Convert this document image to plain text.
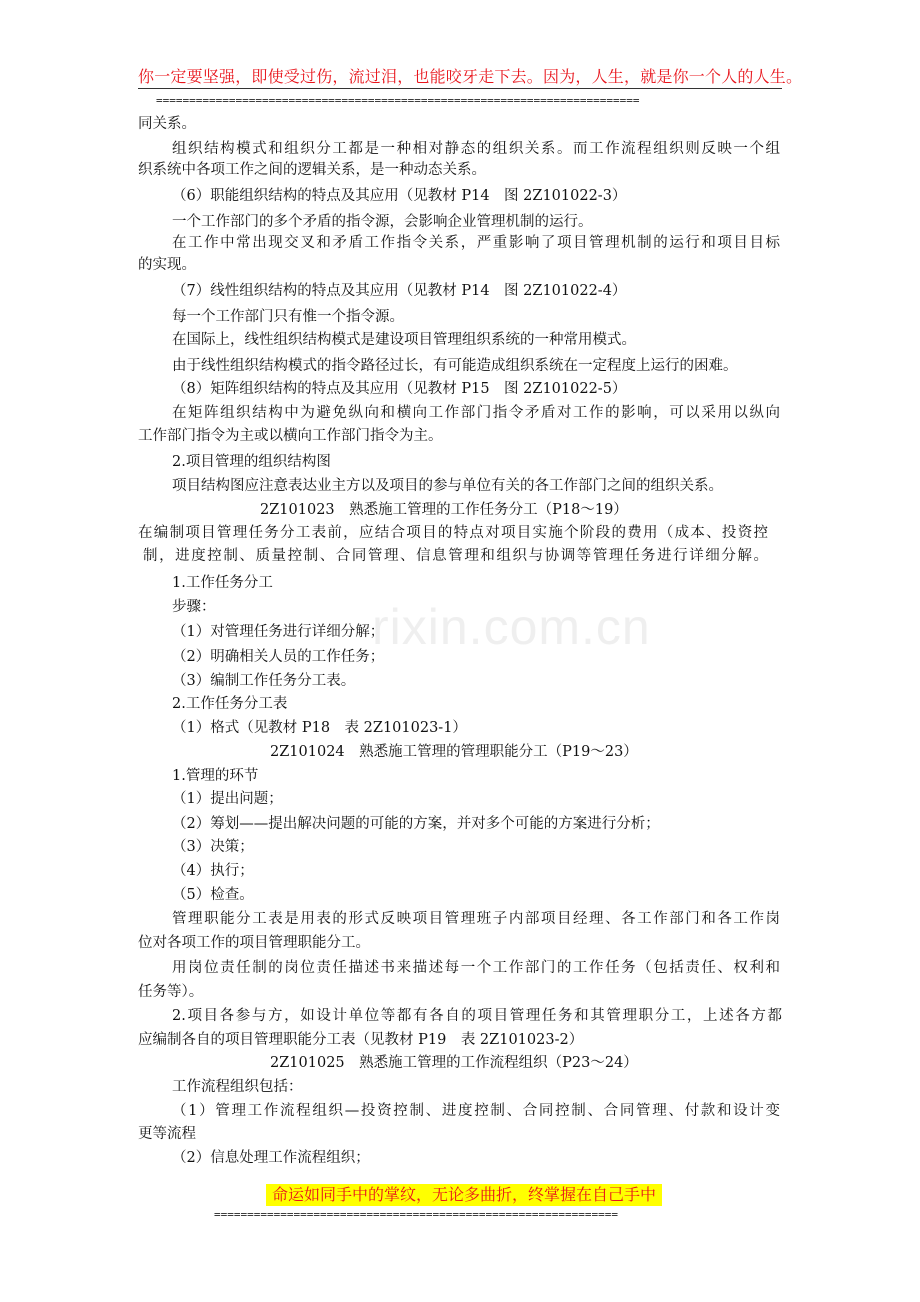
你一定要坚强，即使受过伤，流过泪，也能咬牙走下去。因为，人生，就是你一个人的人生。
=========================================================================
rixin.com.cn
同关系。
组织结构模式和组织分工都是一种相对静态的组织关系。而工作流程组织则反映一个组
织系统中各项工作之间的逻辑关系，是一种动态关系。
（6）职能组织结构的特点及其应用（见教材 P14　图 2Z101022-3）
一个工作部门的多个矛盾的指令源，会影响企业管理机制的运行。
在工作中常出现交叉和矛盾工作指令关系，严重影响了项目管理机制的运行和项目目标
的实现。
（7）线性组织结构的特点及其应用（见教材 P14　图 2Z101022-4）
每一个工作部门只有惟一个指令源。
在国际上，线性组织结构模式是建设项目管理组织系统的一种常用模式。
由于线性组织结构模式的指令路径过长，有可能造成组织系统在一定程度上运行的困难。
（8）矩阵组织结构的特点及其应用（见教材 P15　图 2Z101022-5）
在矩阵组织结构中为避免纵向和横向工作部门指令矛盾对工作的影响，可以采用以纵向
工作部门指令为主或以横向工作部门指令为主。
2.项目管理的组织结构图
项目结构图应注意表达业主方以及项目的参与单位有关的各工作部门之间的组织关系。
2Z101023　熟悉施工管理的工作任务分工（P18～19）
在编制项目管理任务分工表前，应结合项目的特点对项目实施个阶段的费用（成本、投资控
制，进度控制、质量控制、合同管理、信息管理和组织与协调等管理任务进行详细分解。
1.工作任务分工
步骤：
（1）对管理任务进行详细分解；
（2）明确相关人员的工作任务；
（3）编制工作任务分工表。
2.工作任务分工表
（1）格式（见教材 P18　表 2Z101023-1）
2Z101024　熟悉施工管理的管理职能分工（P19～23）
1.管理的环节
（1）提出问题；
（2）筹划——提出解决问题的可能的方案，并对多个可能的方案进行分析；
（3）决策；
（4）执行；
（5）检查。
管理职能分工表是用表的形式反映项目管理班子内部项目经理、各工作部门和各工作岗
位对各项工作的项目管理职能分工。
用岗位责任制的岗位责任描述书来描述每一个工作部门的工作任务（包括责任、权利和
任务等）。
2.项目各参与方，如设计单位等都有各自的项目管理任务和其管理职分工，上述各方都
应编制各自的项目管理职能分工表（见教材 P19　表 2Z101023-2）
2Z101025　熟悉施工管理的工作流程组织（P23～24）
工作流程组织包括：
（1）管理工作流程组织—投资控制、进度控制、合同控制、合同管理、付款和设计变
更等流程
（2）信息处理工作流程组织；
命运如同手中的掌纹，无论多曲折，终掌握在自己手中
=============================================================
